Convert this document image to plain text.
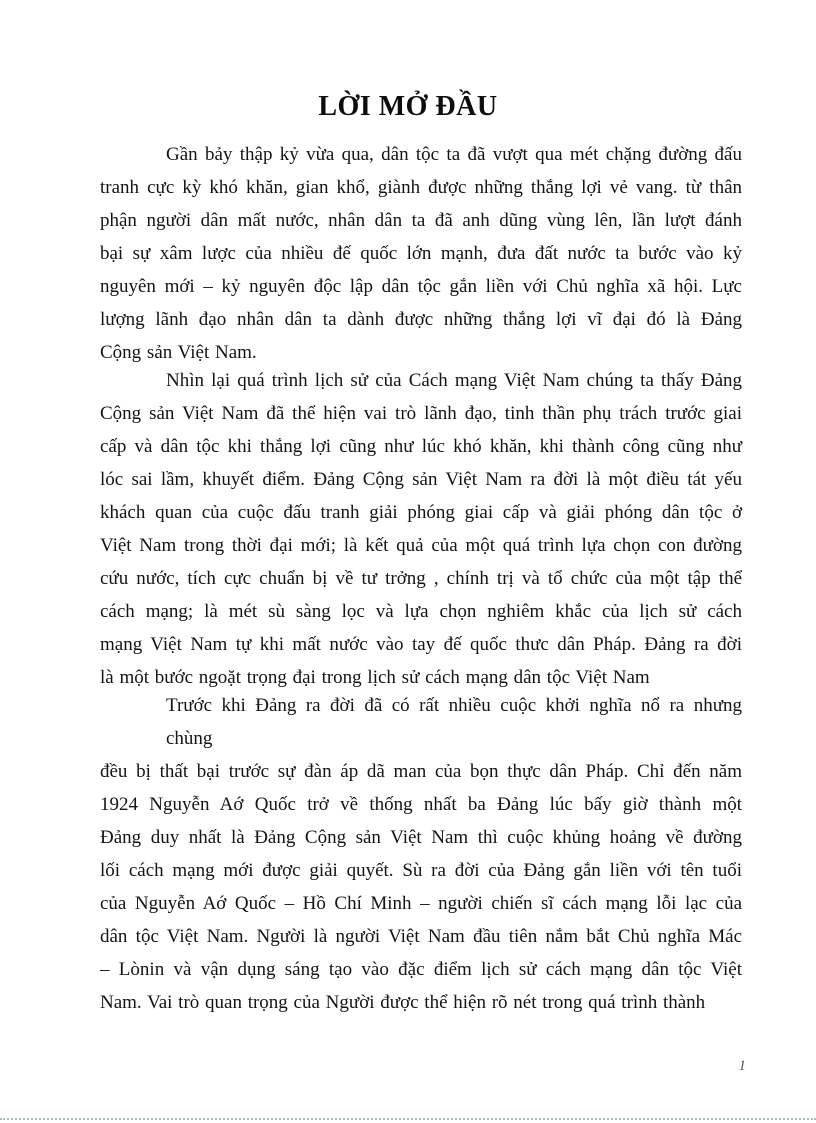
LỜI MỞ ĐẦU
Gần bảy thập kỷ vừa qua, dân tộc ta đã vượt qua mét chặng đường đấu
tranh cực kỳ khó khăn, gian khổ, giành được những thắng lợi vẻ vang. từ thân
phận người dân mất nước, nhân dân ta đã anh dũng vùng lên, lần lượt đánh
bại sự xâm lược của nhiều đế quốc lớn mạnh, đưa đất nước ta bước vào kỷ
nguyên mới – kỷ nguyên độc lập dân tộc gắn liền với Chủ nghĩa xã hội. Lực
lượng lãnh đạo nhân dân ta dành được những thắng lợi vĩ đại đó là Đảng
Cộng sản Việt Nam.
Nhìn lại quá trình lịch sử của Cách mạng Việt Nam chúng ta thấy Đảng
Cộng sản Việt Nam đã thể hiện vai trò lãnh đạo, tinh thần phụ trách trước giai
cấp và dân tộc khi thắng lợi cũng như lúc khó khăn, khi thành công cũng như
lóc sai lầm, khuyết điểm. Đảng Cộng sản Việt Nam ra đời là một điều tát yếu
khách quan của cuộc đấu tranh giải phóng giai cấp và giải phóng dân tộc ở
Việt Nam trong thời đại mới; là kết quả của một quá trình lựa chọn con đường
cứu nước, tích cực chuẩn bị về tư trởng , chính trị và tổ chức của một tập thể
cách mạng; là mét sù sàng lọc và lựa chọn nghiêm khắc của lịch sử cách
mạng Việt Nam tự khi mất nước vào tay đế quốc thưc dân Pháp. Đảng ra đời
là một bước ngoặt trọng đại trong lịch sử cách mạng dân tộc Việt Nam
Trước khi Đảng ra đời đã có rất nhiều cuộc khởi nghĩa nổ ra nhưng chùng
đều bị thất bại trước sự đàn áp dã man của bọn thực dân Pháp. Chỉ đến năm
1924 Nguyễn Aớ Quốc trở về thống nhất ba Đảng lúc bấy giờ thành một
Đảng duy nhất là Đảng Cộng sản Việt Nam thì cuộc khủng hoảng về đường
lối cách mạng mới được giải quyết. Sù ra đời của Đảng gắn liền với tên tuổi
của Nguyễn Aớ Quốc – Hồ Chí Minh – người chiến sĩ cách mạng lỗi lạc của
dân tộc Việt Nam. Người là người Việt Nam đầu tiên nắm bắt Chủ nghĩa Mác
– Lònin và vận dụng sáng tạo vào đặc điểm lịch sử cách mạng dân tộc Việt
Nam. Vai trò quan trọng của Người được thể hiện rõ nét trong quá trình thành
1
